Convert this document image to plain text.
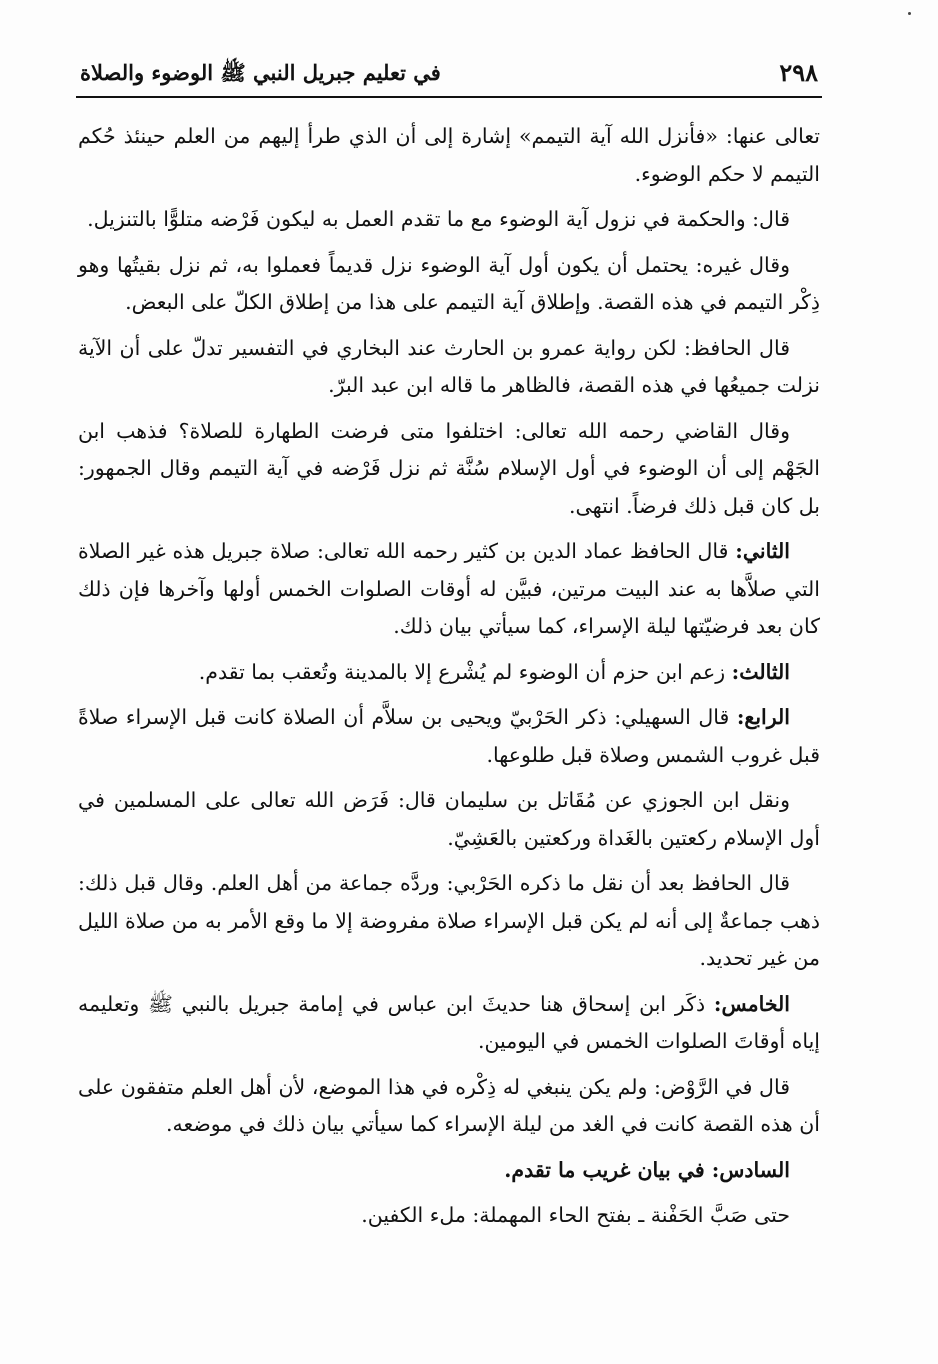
٢٩٨
في تعليم جبريل النبي ﷺ الوضوء والصلاة

تعالى عنها: «فأنزل الله آية التيمم» إشارة إلى أن الذي طرأ إليهم من العلم حينئذ حُكم التيمم لا حكم الوضوء.

قال: والحكمة في نزول آية الوضوء مع ما تقدم العمل به ليكون فَرْضه متلوًّا بالتنزيل.

وقال غيره: يحتمل أن يكون أول آية الوضوء نزل قديماً فعملوا به، ثم نزل بقيتُها وهو ذِكْر التيمم في هذه القصة. وإطلاق آية التيمم على هذا من إطلاق الكلّ على البعض.

قال الحافظ: لكن رواية عمرو بن الحارث عند البخاري في التفسير تدلّ على أن الآية نزلت جميعُها في هذه القصة، فالظاهر ما قاله ابن عبد البرّ.

وقال القاضي رحمه الله تعالى: اختلفوا متى فرضت الطهارة للصلاة؟ فذهب ابن الجَهْم إلى أن الوضوء في أول الإسلام سُنَّة ثم نزل فَرْضه في آية التيمم وقال الجمهور: بل كان قبل ذلك فرضاً. انتهى.

الثاني: قال الحافظ عماد الدين بن كثير رحمه الله تعالى: صلاة جبريل هذه غير الصلاة التي صلاَّها به عند البيت مرتين، فبيَّن له أوقات الصلوات الخمس أولها وآخرها فإن ذلك كان بعد فرضيّتها ليلة الإسراء، كما سيأتي بيان ذلك.

الثالث: زعم ابن حزم أن الوضوء لم يُشْرع إلا بالمدينة وتُعقب بما تقدم.

الرابع: قال السهيلي: ذكر الحَرْبيّ ويحيى بن سلاَّم أن الصلاة كانت قبل الإسراء صلاةً قبل غروب الشمس وصلاة قبل طلوعها.

ونقل ابن الجوزي عن مُقَاتل بن سليمان قال: فَرَض الله تعالى على المسلمين في أول الإسلام ركعتين بالغَداة وركعتين بالعَشِيّ.

قال الحافظ بعد أن نقل ما ذكره الحَرْبي: وردَّه جماعة من أهل العلم. وقال قبل ذلك: ذهب جماعةٌ إلى أنه لم يكن قبل الإسراء صلاة مفروضة إلا ما وقع الأمر به من صلاة الليل من غير تحديد.

الخامس: ذكَر ابن إسحاق هنا حديثَ ابن عباس في إمامة جبريل بالنبي ﷺ وتعليمه إياه أوقاتَ الصلوات الخمس في اليومين.

قال في الرَّوْض: ولم يكن ينبغي له ذِكْره في هذا الموضع، لأن أهل العلم متفقون على أن هذه القصة كانت في الغد من ليلة الإسراء كما سيأتي بيان ذلك في موضعه.

السادس: في بيان غريب ما تقدم.

حتى صَبَّ الحَفْنة ـ بفتح الحاء المهملة: ملء الكفين.
